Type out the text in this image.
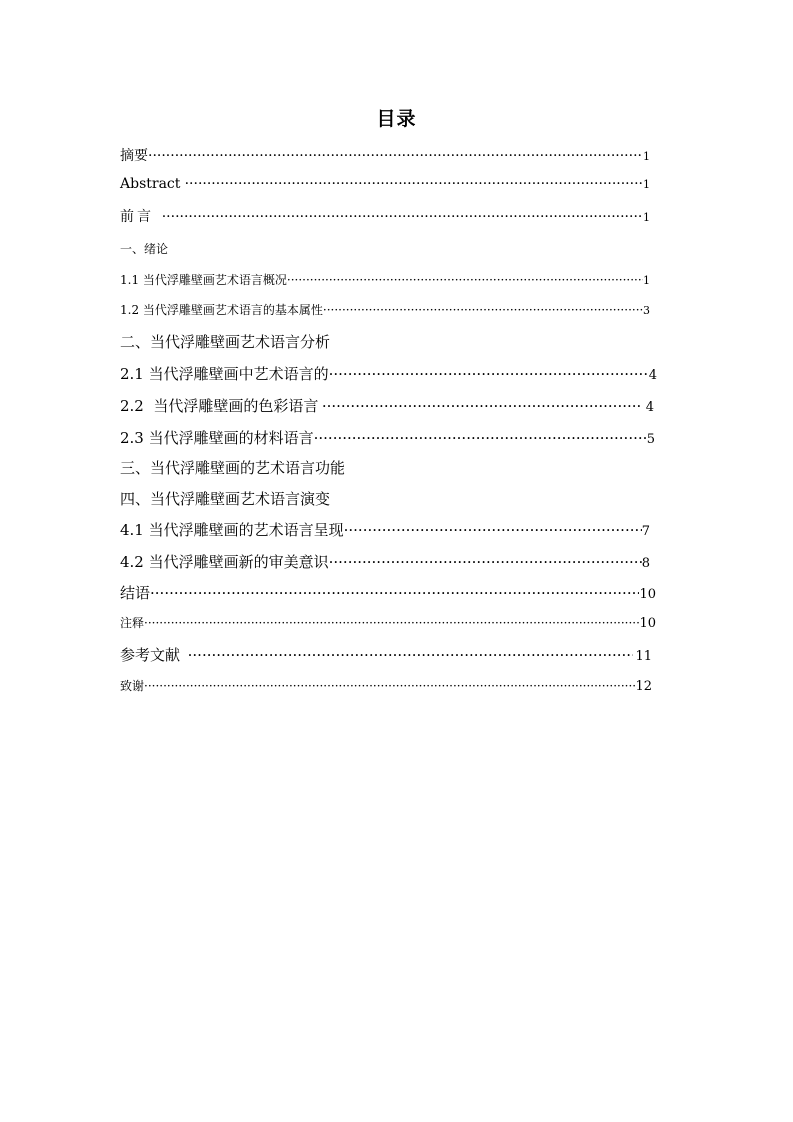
目录
摘要 ·····	1
Abstract ·····	1
前言 ·····	1
一、绪论
1.1 当代浮雕壁画艺术语言概况 ·····	1
1.2 当代浮雕壁画艺术语言的基本属性 ·····	3
二、当代浮雕壁画艺术语言分析
2.1 当代浮雕壁画中艺术语言的 ·····	4
2.2  当代浮雕壁画的色彩语言 ·····	4
2.3 当代浮雕壁画的材料语言 ·····	5
三、当代浮雕壁画的艺术语言功能
四、当代浮雕壁画艺术语言演变
4.1 当代浮雕壁画的艺术语言呈现 ·····	7
4.2 当代浮雕壁画新的审美意识 ·····	8
结语 ·····	10
注释 ·····	10
参考文献 ·····	11
致谢 ·····	12
